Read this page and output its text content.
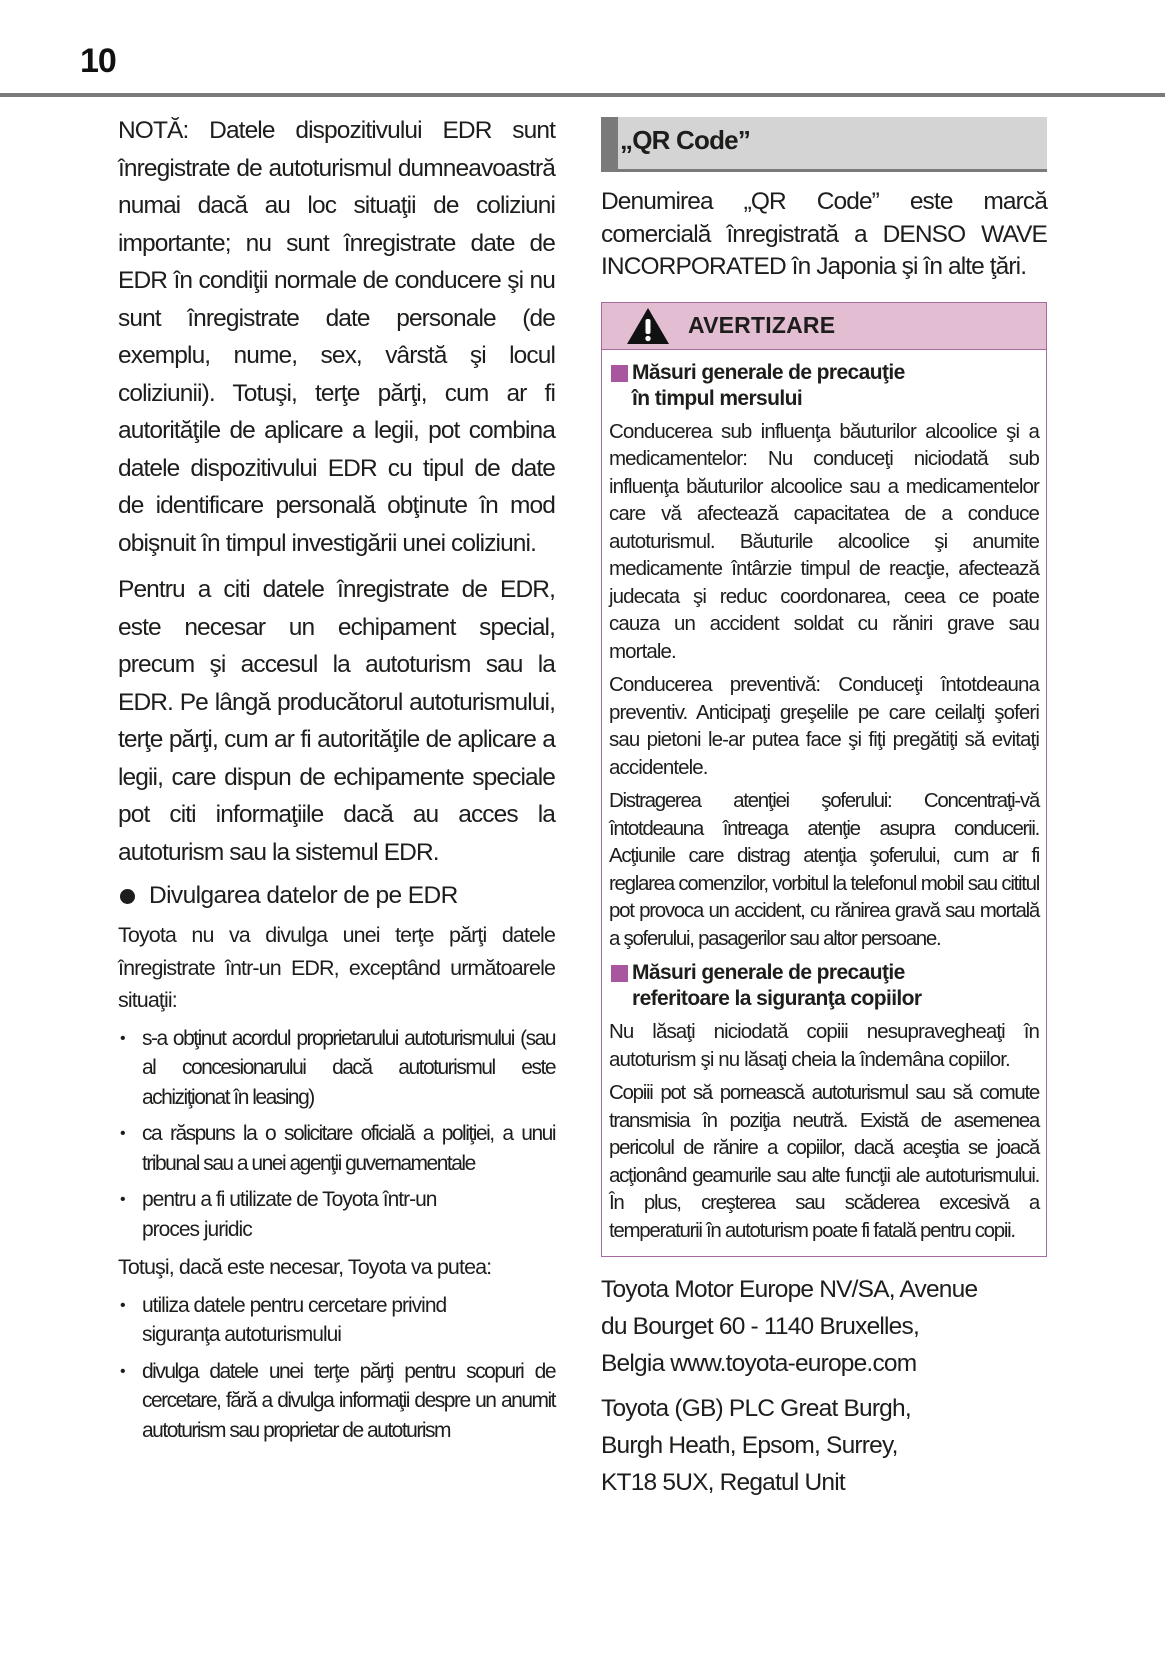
10

NOTĂ: Datele dispozitivului EDR sunt înregistrate de autoturismul dumneavoastră numai dacă au loc situaţii de coliziuni importante; nu sunt înregistrate date de EDR în condiţii normale de conducere şi nu sunt înregistrate date personale (de exemplu, nume, sex, vârstă şi locul coliziunii). Totuşi, terţe părţi, cum ar fi autorităţile de aplicare a legii, pot combina datele dispozitivului EDR cu tipul de date de identificare personală obţinute în mod obişnuit în timpul investigării unei coliziuni.

Pentru a citi datele înregistrate de EDR, este necesar un echipament special, precum şi accesul la autoturism sau la EDR. Pe lângă producătorul autoturismului, terţe părţi, cum ar fi autorităţile de aplicare a legii, care dispun de echipamente speciale pot citi informaţiile dacă au acces la autoturism sau la sistemul EDR.

Divulgarea datelor de pe EDR

Toyota nu va divulga unei terţe părţi datele înregistrate într-un EDR, exceptând următoarele situaţii:

• s-a obţinut acordul proprietarului autoturismului (sau al concesionarului dacă autoturismul este achiziţionat în leasing)
• ca răspuns la o solicitare oficială a poliţiei, a unui tribunal sau a unei agenţii guvernamentale
• pentru a fi utilizate de Toyota într-un proces juridic

Totuşi, dacă este necesar, Toyota va putea:

• utiliza datele pentru cercetare privind siguranţa autoturismului
• divulga datele unei terţe părţi pentru scopuri de cercetare, fără a divulga informaţii despre un anumit autoturism sau proprietar de autoturism
„QR Code”

Denumirea „QR Code” este marcă comercială înregistrată a DENSO WAVE INCORPORATED în Japonia şi în alte ţări.

AVERTIZARE
Măsuri generale de precauţie
în timpul mersului

Conducerea sub influenţa băuturilor alcoolice şi a medicamentelor: Nu conduceţi niciodată sub influenţa băuturilor alcoolice sau a medicamentelor care vă afectează capacitatea de a conduce autoturismul. Băuturile alcoolice şi anumite medicamente întârzie timpul de reacţie, afectează judecata şi reduc coordonarea, ceea ce poate cauza un accident soldat cu răniri grave sau mortale.

Conducerea preventivă: Conduceţi întotdeauna preventiv. Anticipaţi greşelile pe care ceilalţi şoferi sau pietoni le-ar putea face şi fiţi pregătiţi să evitaţi accidentele.

Distragerea atenţiei şoferului: Concentraţi-vă întotdeauna întreaga atenţie asupra conducerii. Acţiunile care distrag atenţia şoferului, cum ar fi reglarea comenzilor, vorbitul la telefonul mobil sau cititul pot provoca un accident, cu rănirea gravă sau mortală a şoferului, pasagerilor sau altor persoane.

Măsuri generale de precauţie
referitoare la siguranţa copiilor

Nu lăsaţi niciodată copiii nesupravegheaţi în autoturism şi nu lăsaţi cheia la îndemâna copiilor.

Copiii pot să pornească autoturismul sau să comute transmisia în poziţia neutră. Există de asemenea pericolul de rănire a copiilor, dacă aceştia se joacă acţionând geamurile sau alte funcţii ale autoturismului. În plus, creşterea sau scăderea excesivă a temperaturii în autoturism poate fi fatală pentru copii.

Toyota Motor Europe NV/SA, Avenue
du Bourget 60 - 1140 Bruxelles,
Belgia www.toyota-europe.com
Toyota (GB) PLC Great Burgh,
Burgh Heath, Epsom, Surrey,
KT18 5UX, Regatul Unit
